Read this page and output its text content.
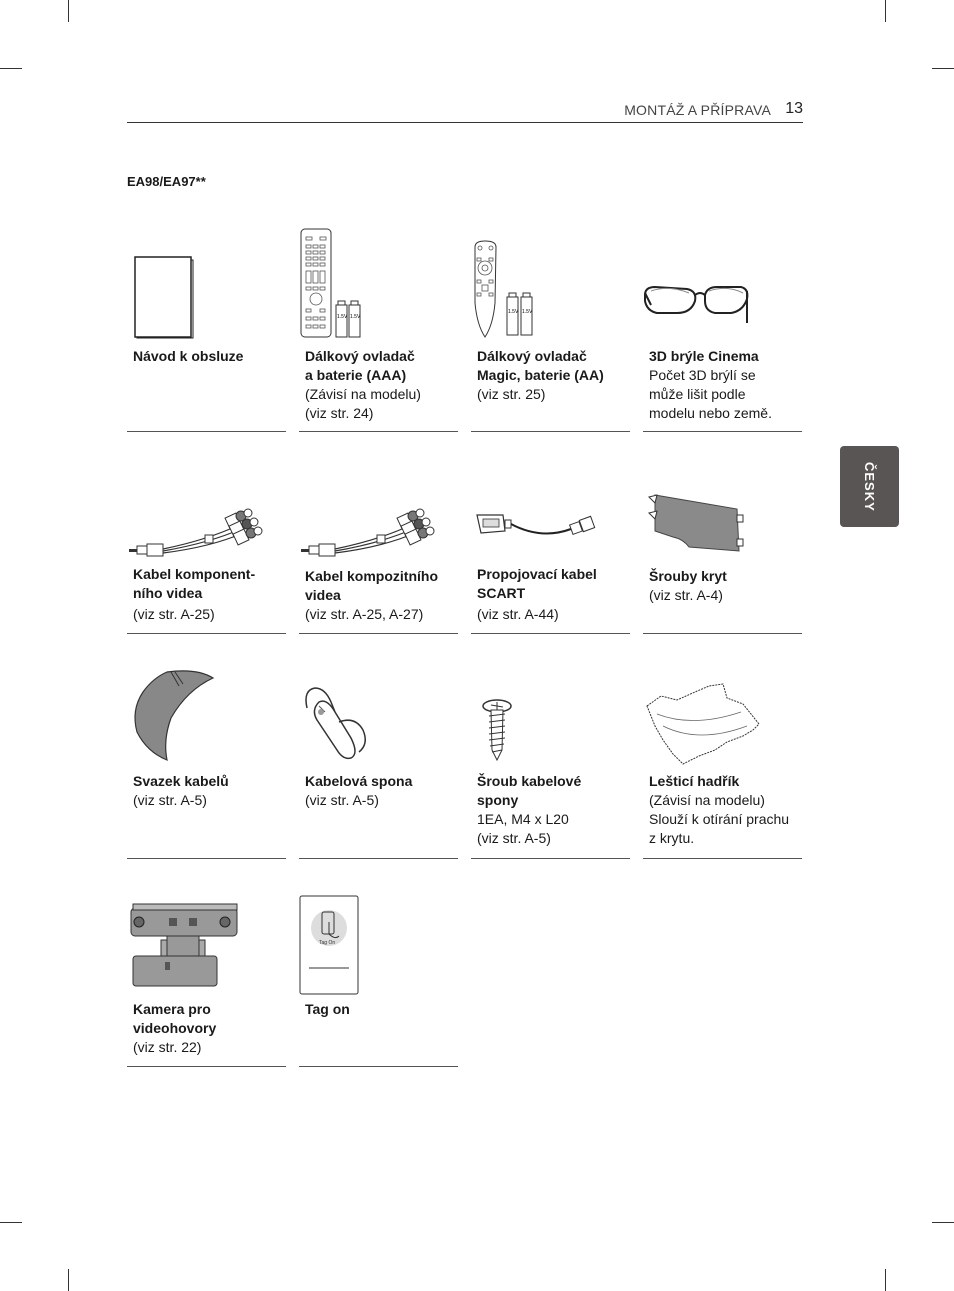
MONTÁŽ A PŘÍPRAVA 13
EA98/EA97**
ČESKY
Návod k obsluze
1.5V 1.5V
Dálkový ovladač
a baterie (AAA)
(Závisí na modelu)
(viz str. 24)
1.5V 1.5V
Dálkový ovladač
Magic, baterie (AA)
(viz str. 25)
3D brýle Cinema
Počet 3D brýlí se
může lišit podle
modelu nebo země.
Kabel komponent-
ního videa
(viz str. A-25)
Kabel kompozitního
videa
(viz str. A-25, A-27)
Propojovací kabel
SCART
(viz str. A-44)
Šrouby kryt
(viz str. A-4)
Svazek kabelů
(viz str. A-5)
Kabelová spona
(viz str. A-5)
Šroub kabelové
spony
1EA, M4 x L20
(viz str. A-5)
Lešticí hadřík
(Závisí na modelu)
Slouží k otírání prachu
z krytu.
Kamera pro
videohovory
(viz str. 22)
Tag On
Tag on
